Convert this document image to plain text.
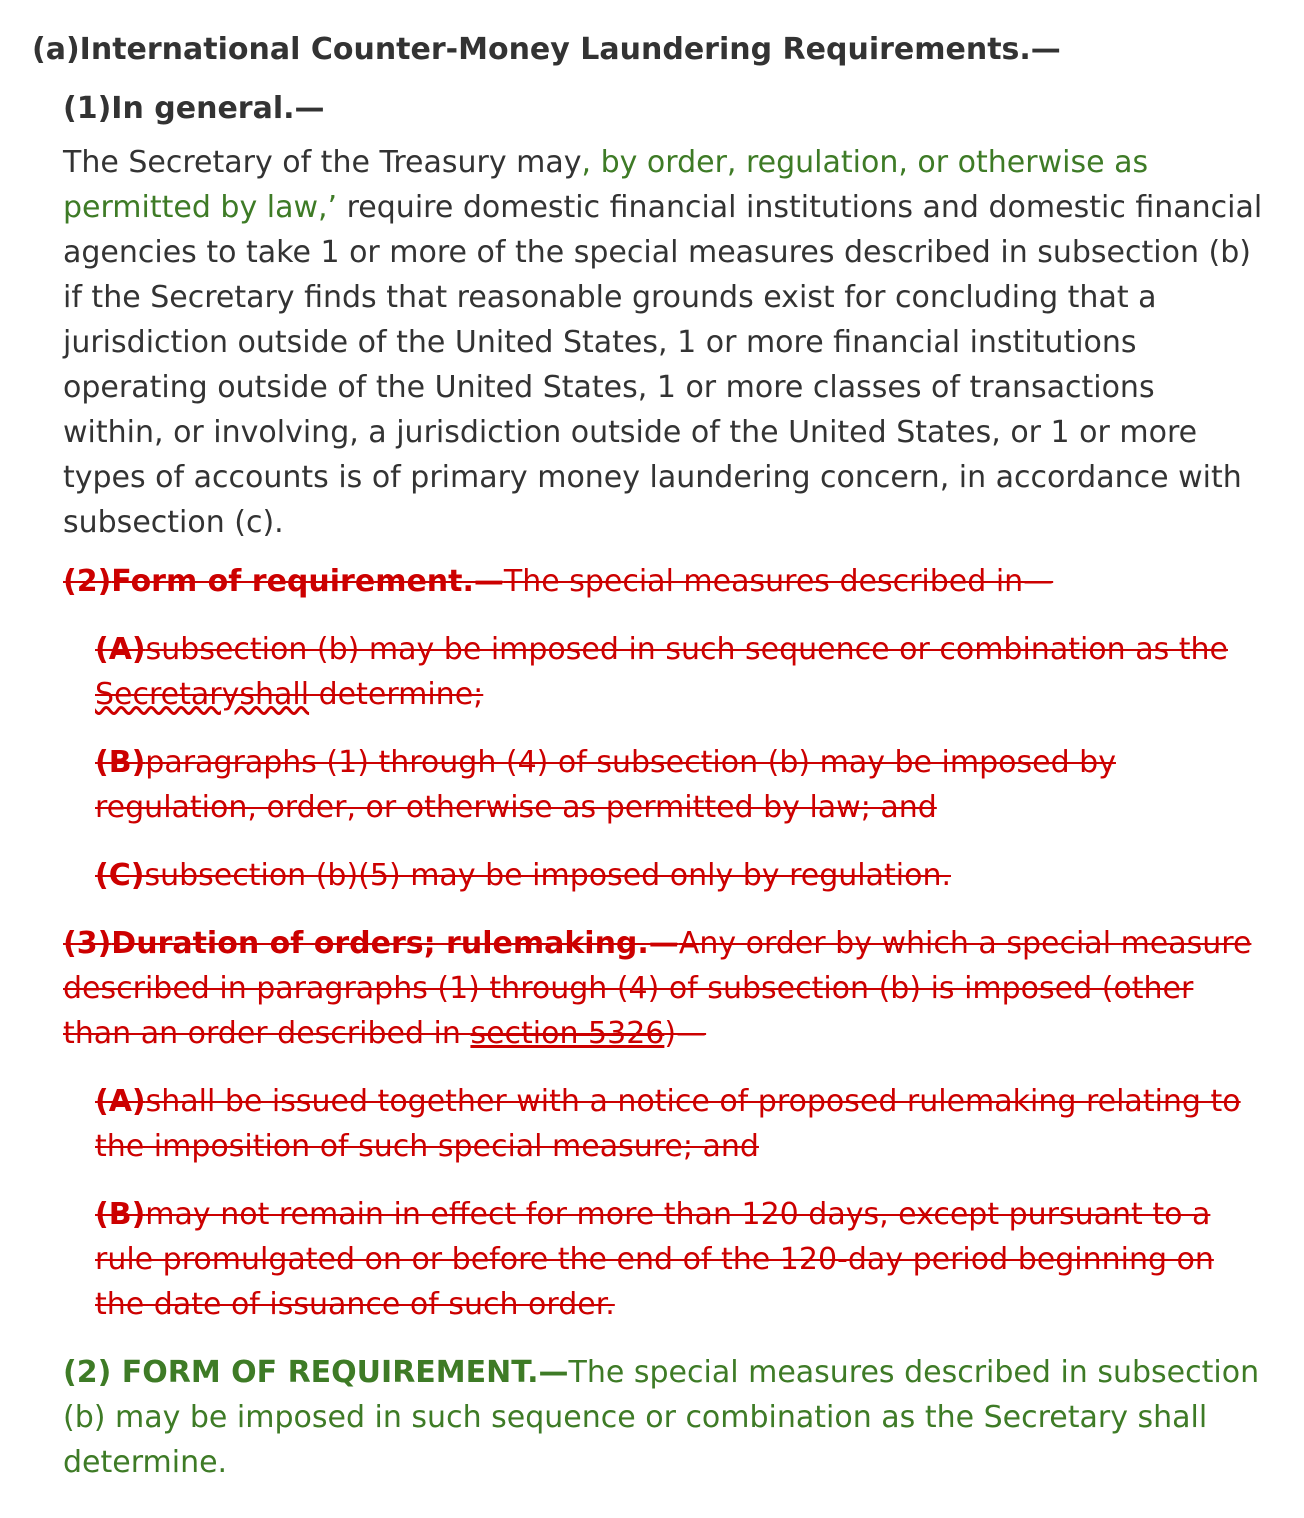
(a)International Counter-Money Laundering Requirements.—
(1)In general.—
The Secretary of the Treasury may, by order, regulation, or otherwise as permitted by law,’ require domestic financial institutions and domestic financial agencies to take 1 or more of the special measures described in subsection (b) if the Secretary finds that reasonable grounds exist for concluding that a jurisdiction outside of the United States, 1 or more financial institutions operating outside of the United States, 1 or more classes of transactions within, or involving, a jurisdiction outside of the United States, or 1 or more types of accounts is of primary money laundering concern, in accordance with subsection (c).
(2)Form of requirement.—The special measures described in—
(A)subsection (b) may be imposed in such sequence or combination as the Secretaryshall determine;
(B)paragraphs (1) through (4) of subsection (b) may be imposed by regulation, order, or otherwise as permitted by law; and
(C)subsection (b)(5) may be imposed only by regulation.
(3)Duration of orders; rulemaking.—Any order by which a special measure described in paragraphs (1) through (4) of subsection (b) is imposed (other than an order described in section 5326)—
(A)shall be issued together with a notice of proposed rulemaking relating to the imposition of such special measure; and
(B)may not remain in effect for more than 120 days, except pursuant to a rule promulgated on or before the end of the 120-day period beginning on the date of issuance of such order.
(2) FORM OF REQUIREMENT.—The special measures described in subsection (b) may be imposed in such sequence or combination as the Secretary shall determine.
